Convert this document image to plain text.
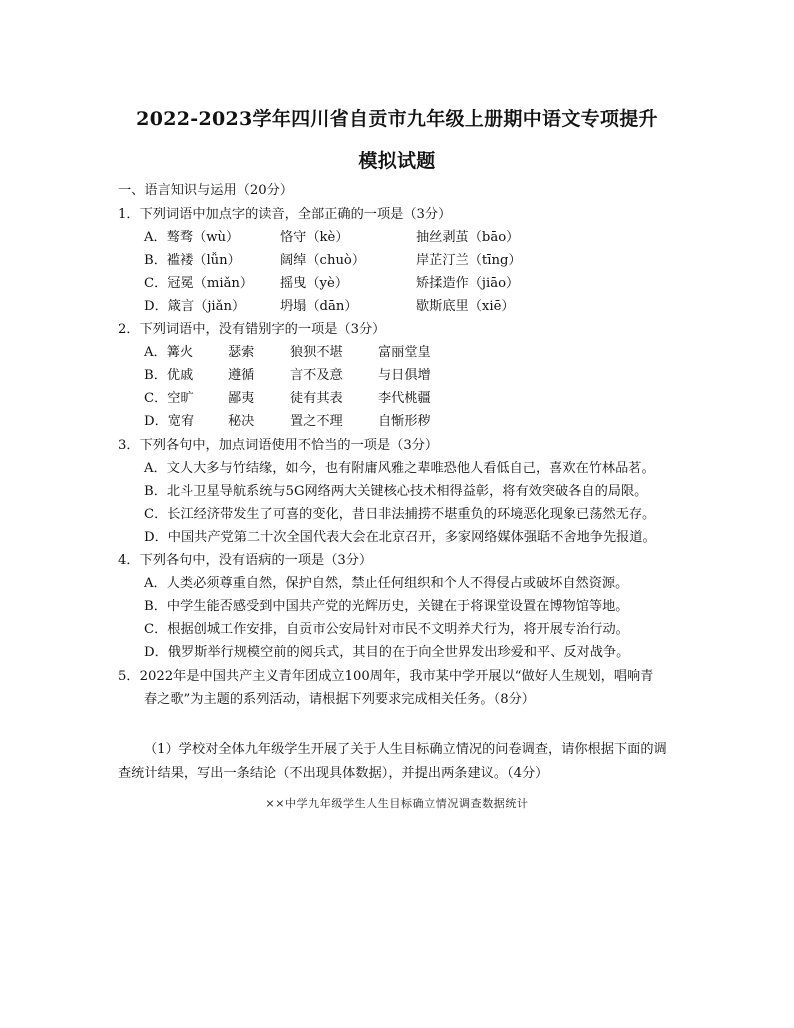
2022-2023学年四川省自贡市九年级上册期中语文专项提升
模拟试题
一、语言知识与运用（20分）
1．下列词语中加点字的读音，全部正确的一项是（3分）
A．骜骛（wù）	恪守（kè）	抽丝剥茧（bāo）
B．褴褛（lǚn）	阔绰（chuò）	岸芷汀兰（tīng）
C．冠冕（miǎn） 摇曳（yè）	矫揉造作（jiāo）
D．箴言（jiǎn）	坍塌（dān）	歇斯底里（xiē）
2．下列词语中，没有错别字的一项是（3分）
A．篝火	瑟索	狼狈不堪	富丽堂皇
B．优戚	遵循	言不及意	与日俱增
C．空旷	鄙夷	徒有其表	李代桃疆
D．宽宥	秘决	置之不理	自惭形秽
3．下列各句中，加点词语使用不恰当的一项是（3分）
A．文人大多与竹结缘，如今，也有附庸风雅之辈唯恐他人看低自己，喜欢在竹林品茗。
B．北斗卫星导航系统与5G网络两大关键核心技术相得益彰，将有效突破各自的局限。
C．长江经济带发生了可喜的变化，昔日非法捕捞不堪重负的环境恶化现象已荡然无存。
D．中国共产党第二十次全国代表大会在北京召开，多家网络媒体强聒不舍地争先报道。
4．下列各句中，没有语病的一项是（3分）
A．人类必须尊重自然，保护自然，禁止任何组织和个人不得侵占或破坏自然资源。
B．中学生能否感受到中国共产党的光辉历史，关键在于将课堂设置在博物馆等地。
C．根据创城工作安排，自贡市公安局针对市民不文明养犬行为，将开展专治行动。
D．俄罗斯举行规模空前的阅兵式，其目的在于向全世界发出珍爱和平、反对战争。
5．2022年是中国共产主义青年团成立100周年，我市某中学开展以“做好人生规划，唱响青
春之歌”为主题的系列活动，请根据下列要求完成相关任务。（8分）
（1）学校对全体九年级学生开展了关于人生目标确立情况的问卷调查，请你根据下面的调查统计结果，写出一条结论（不出现具体数据），并提出两条建议。（4分）
××中学九年级学生人生目标确立情况调查数据统计
